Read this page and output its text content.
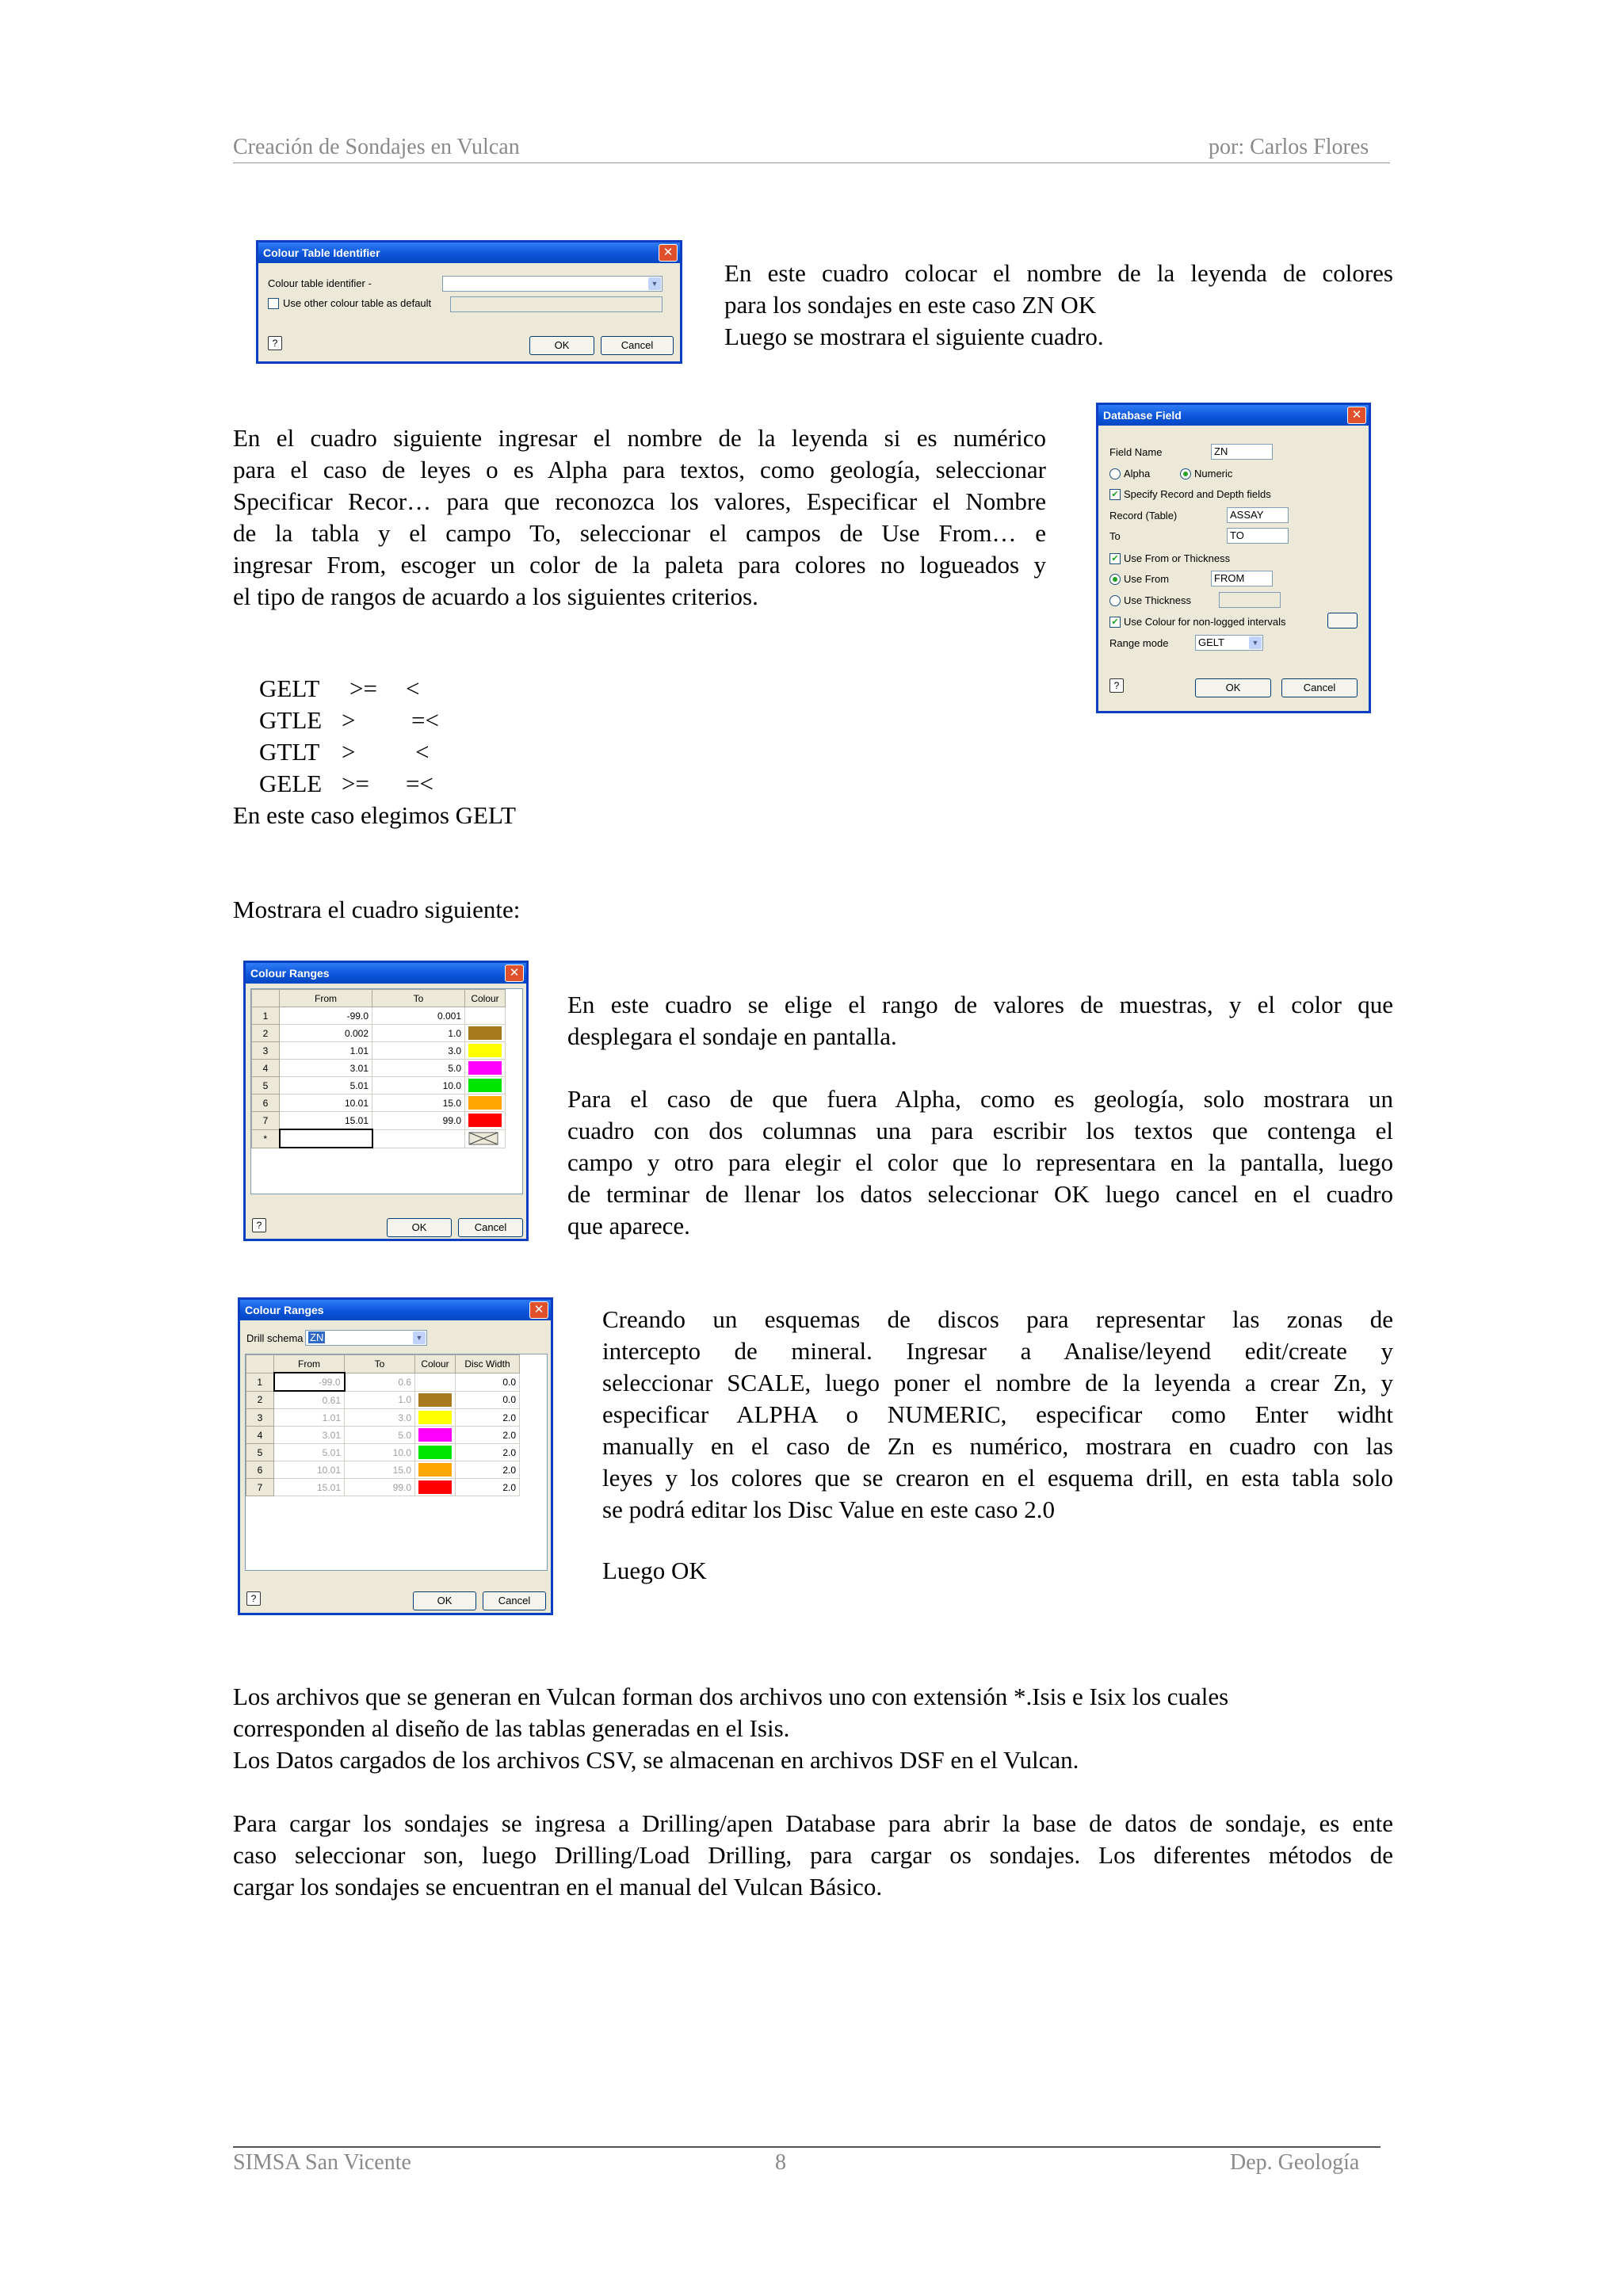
Creación de Sondajes en Vulcan	por: Carlos Flores
Colour Table Identifier	✕
Colour table identifier -	▼
Use other colour table as default
?	OK	Cancel
En este cuadro colocar el nombre de la leyenda de colores
para los sondajes en este caso ZN OK
Luego se mostrara el siguiente cuadro.
Database Field	✕
Field Name	ZN
Alpha	Numeric
✔ Specify Record and Depth fields
Record (Table)	ASSAY
To	TO
✔ Use From or Thickness
Use From	FROM
Use Thickness
✔ Use Colour for non-logged intervals
Range mode	GELT	▼
?	OK	Cancel
En el cuadro siguiente ingresar el nombre de la leyenda si es numérico
para el caso de leyes o es Alpha para textos, como geología, seleccionar
Specificar Recor… para que reconozca los valores, Especificar el Nombre
de la tabla y el campo To, seleccionar el campos de Use From… e
ingresar From, escoger un color de la paleta para colores no logueados y
el tipo de rangos de acuardo a los siguientes criterios.
GELT >= <
GTLE > =<
GTLT > <
GELE >= =<
En este caso elegimos GELT
Mostrara el cuadro siguiente:
Colour Ranges	✕
	From	To	Colour
1	-99.0	0.001	

2	0.002	1.0	

3	1.01	3.0	

4	3.01	5.0	

5	5.01	10.0	

6	10.01	15.0	

7	15.01	99.0	

*			
?	OK	Cancel
En este cuadro se elige el rango de valores de muestras, y el color que
desplegara el sondaje en pantalla.
Para el caso de que fuera Alpha, como es geología, solo mostrara un
cuadro con dos columnas una para escribir los textos que contenga el
campo y otro para elegir el color que lo representara en la pantalla, luego
de terminar de llenar los datos seleccionar OK luego cancel en el cuadro
que aparece.
Colour Ranges	✕
Drill schema ZN	▼
	From	To	Colour	Disc Width
1	-99.0	0.6		0.0
2	0.61	1.0		0.0
3	1.01	3.0		2.0
4	3.01	5.0		2.0
5	5.01	10.0		2.0
6	10.01	15.0		2.0
7	15.01	99.0		2.0
?	OK	Cancel
Creando un esquemas de discos para representar las zonas de
intercepto de mineral. Ingresar a Analise/leyend edit/create y
seleccionar SCALE, luego poner el nombre de la leyenda a crear Zn, y
especificar ALPHA o NUMERIC, especificar como Enter widht
manually en el caso de Zn es numérico, mostrara en cuadro con las
leyes y los colores que se crearon en el esquema drill, en esta tabla solo
se podrá editar los Disc Value en este caso 2.0
Luego OK
Los archivos que se generan en Vulcan forman dos archivos uno con extensión *.Isis e Isix los cuales
corresponden al diseño de las tablas generadas en el Isis.
Los Datos cargados de los archivos CSV, se almacenan en archivos DSF en el Vulcan.
Para cargar los sondajes se ingresa a Drilling/apen Database para abrir la base de datos de sondaje, es ente
caso seleccionar son, luego Drilling/Load Drilling, para cargar os sondajes. Los diferentes métodos de
cargar los sondajes se encuentran en el manual del Vulcan Básico.
SIMSA San Vicente	8	Dep. Geología
